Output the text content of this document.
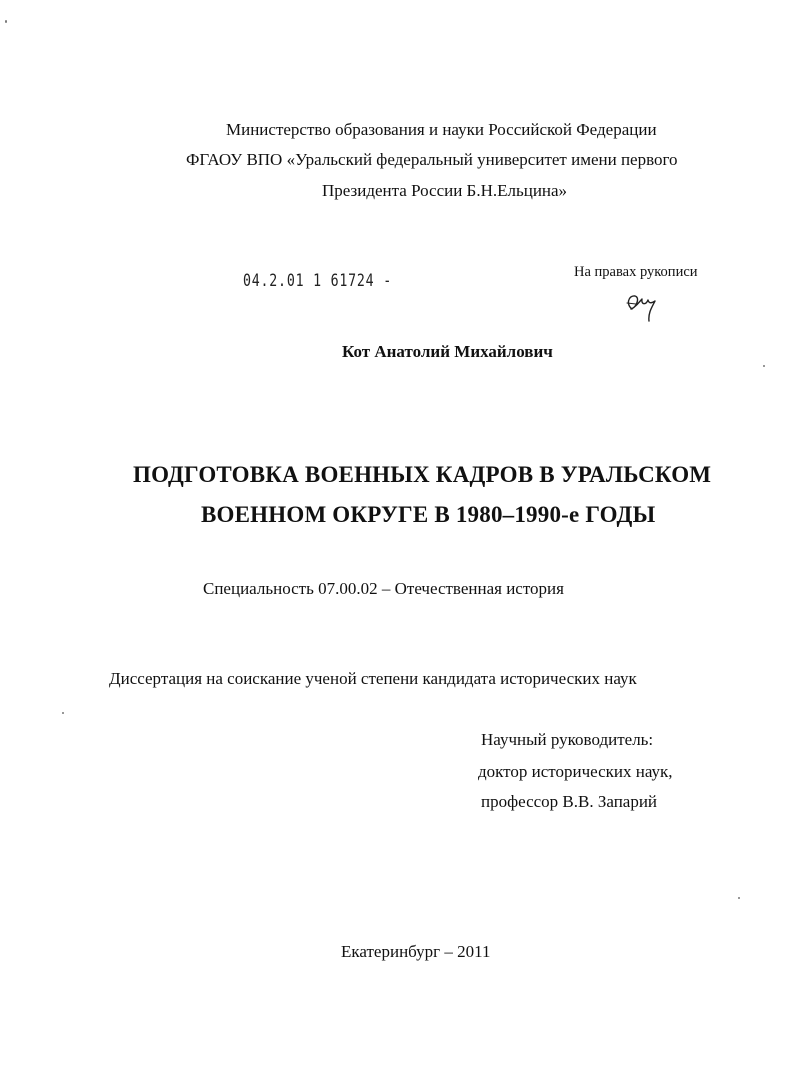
Министерство образования и науки Российской Федерации
ФГАОУ ВПО «Уральский федеральный университет имени первого
Президента России Б.Н.Ельцина»
04.2.01 1 61724 -	На правах рукописи
Кот Анатолий Михайлович
ПОДГОТОВКА ВОЕННЫХ КАДРОВ В УРАЛЬСКОМ
ВОЕННОМ ОКРУГЕ В 1980–1990-е ГОДЫ
Специальность 07.00.02 – Отечественная история
Диссертация на соискание ученой степени кандидата исторических наук
Научный руководитель:
доктор исторических наук,
профессор В.В. Запарий
Екатеринбург – 2011
